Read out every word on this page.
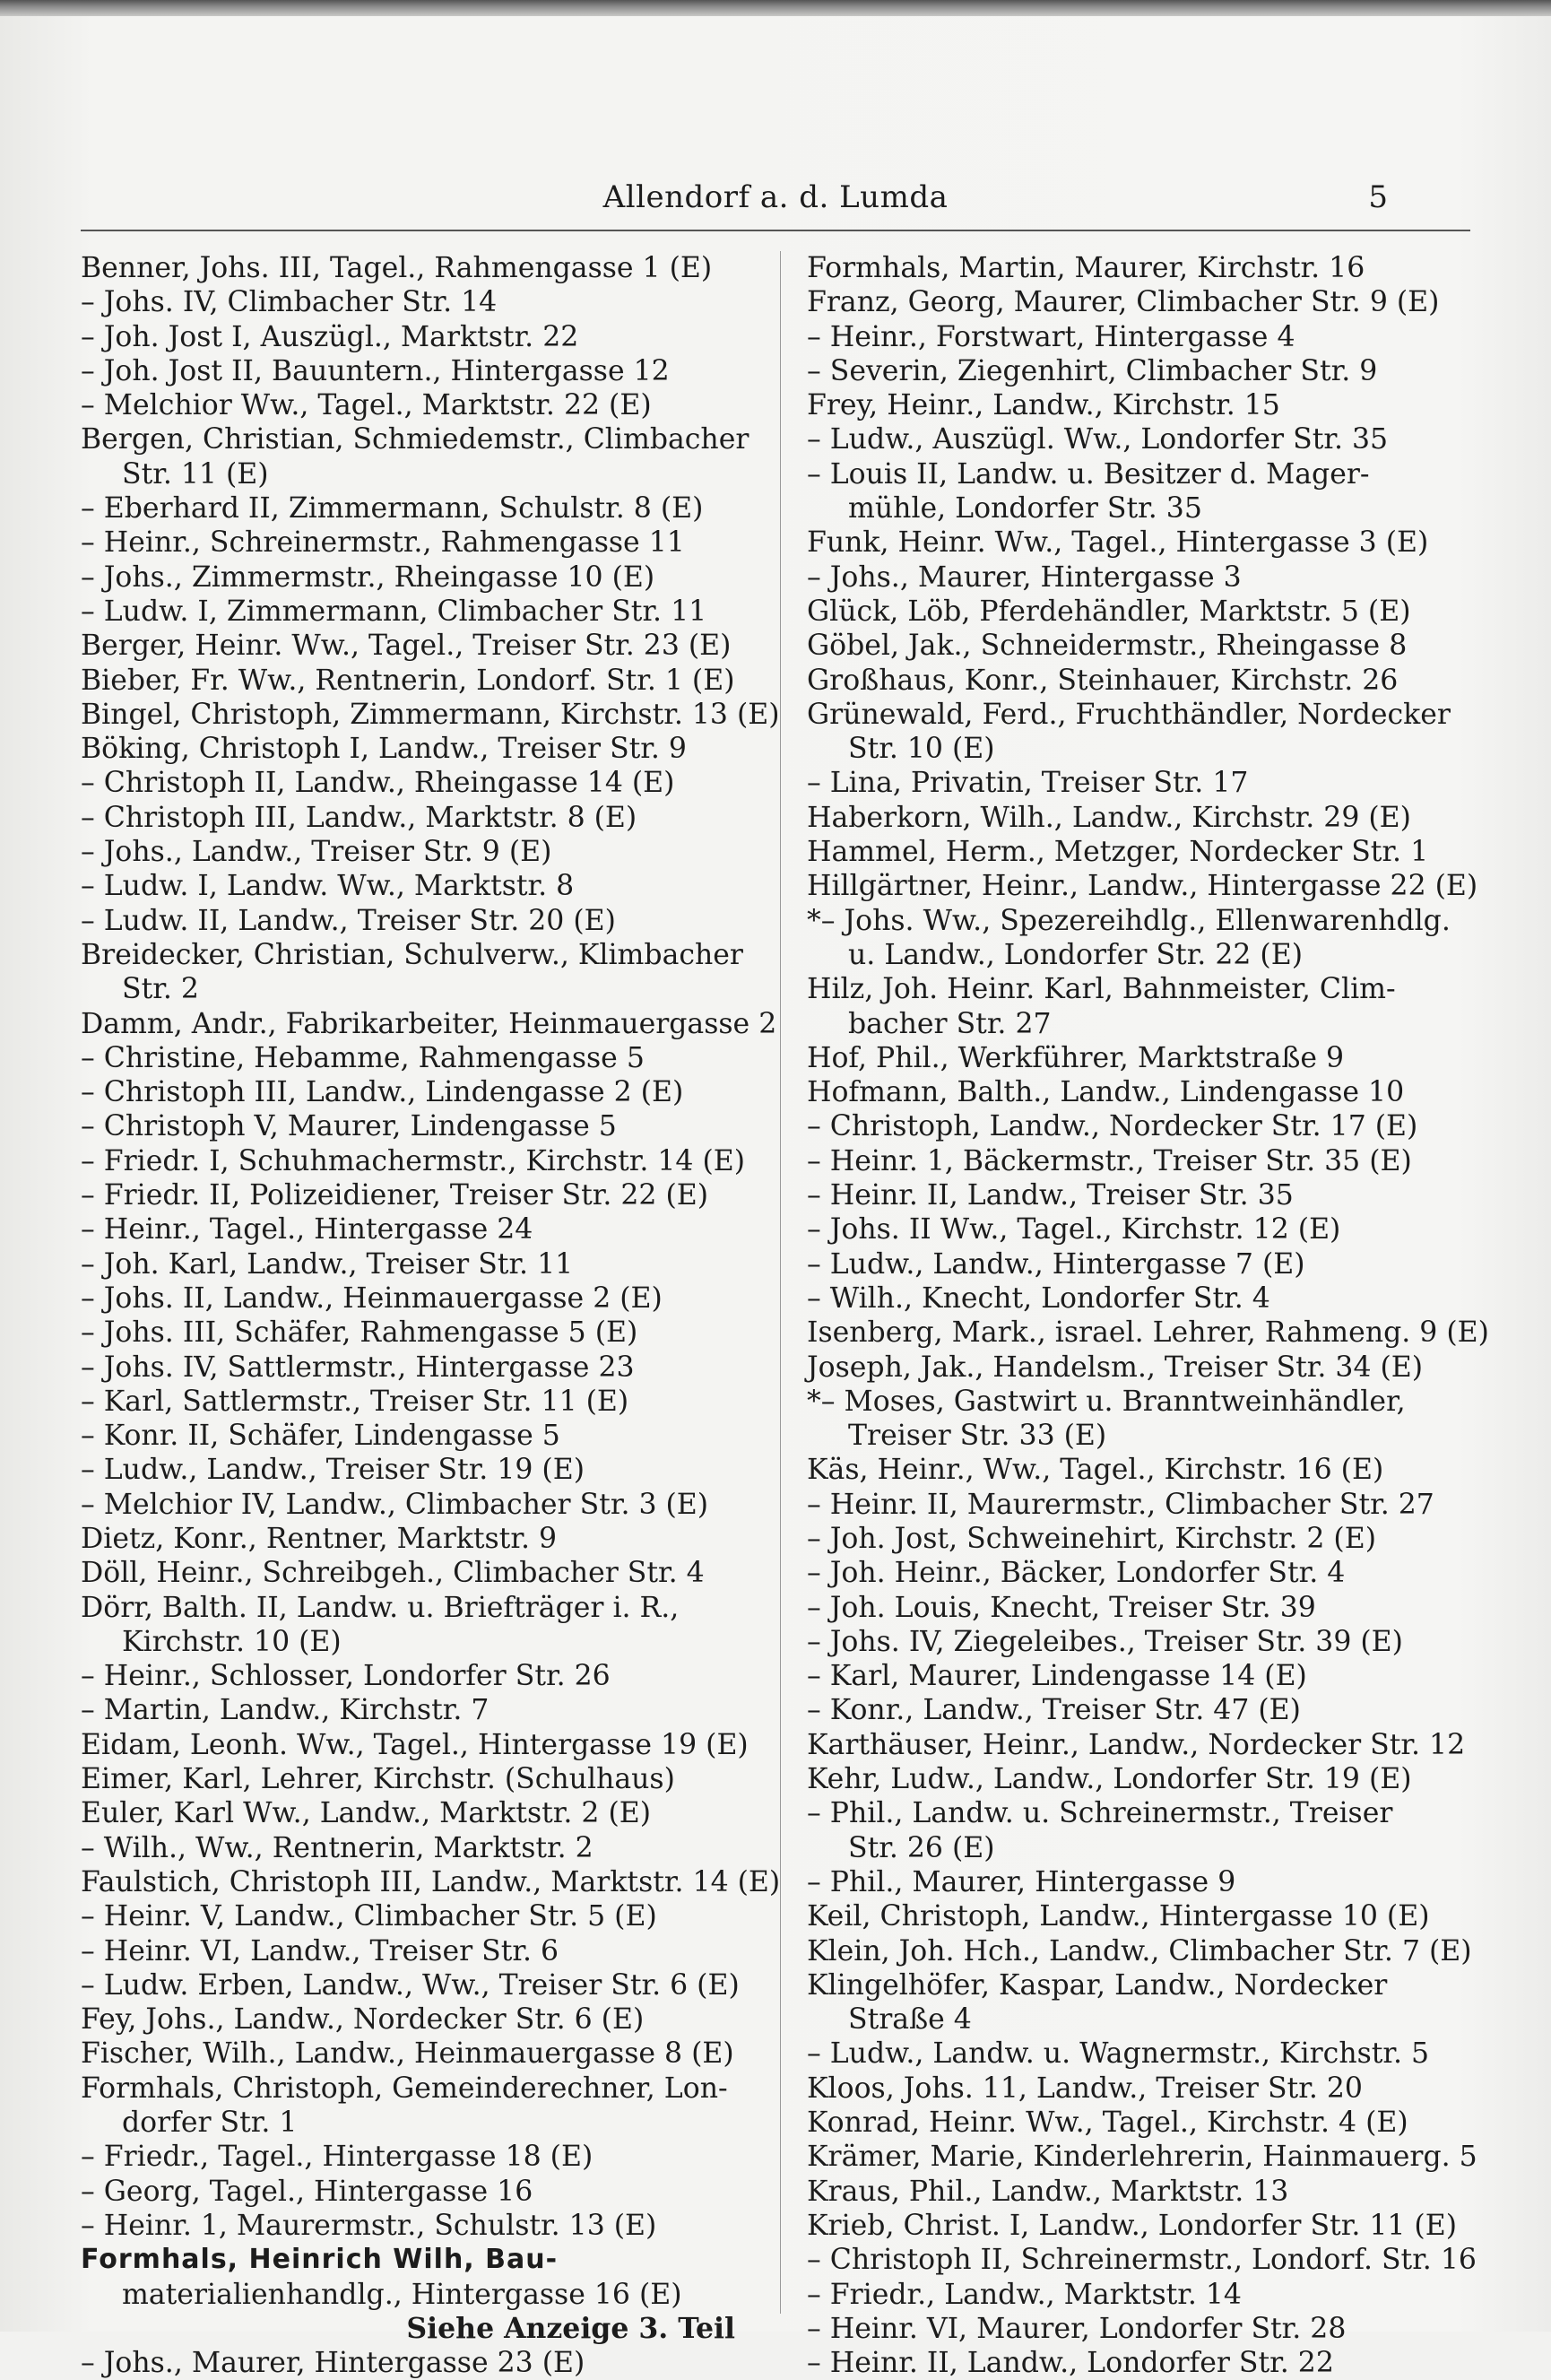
Allendorf a. d. Lumda	5
Benner, Johs. III, Tagel., Rahmengasse 1 (E)
– Johs. IV, Climbacher Str. 14
– Joh. Jost I, Auszügl., Marktstr. 22
– Joh. Jost II, Bauuntern., Hintergasse 12
– Melchior Ww., Tagel., Marktstr. 22 (E)
Bergen, Christian, Schmiedemstr., Climbacher
Str. 11 (E)
– Eberhard II, Zimmermann, Schulstr. 8 (E)
– Heinr., Schreinermstr., Rahmengasse 11
– Johs., Zimmermstr., Rheingasse 10 (E)
– Ludw. I, Zimmermann, Climbacher Str. 11
Berger, Heinr. Ww., Tagel., Treiser Str. 23 (E)
Bieber, Fr. Ww., Rentnerin, Londorf. Str. 1 (E)
Bingel, Christoph, Zimmermann, Kirchstr. 13 (E)
Böking, Christoph I, Landw., Treiser Str. 9
– Christoph II, Landw., Rheingasse 14 (E)
– Christoph III, Landw., Marktstr. 8 (E)
– Johs., Landw., Treiser Str. 9 (E)
– Ludw. I, Landw. Ww., Marktstr. 8
– Ludw. II, Landw., Treiser Str. 20 (E)
Breidecker, Christian, Schulverw., Klimbacher
Str. 2
Damm, Andr., Fabrikarbeiter, Heinmauergasse 2
– Christine, Hebamme, Rahmengasse 5
– Christoph III, Landw., Lindengasse 2 (E)
– Christoph V, Maurer, Lindengasse 5
– Friedr. I, Schuhmachermstr., Kirchstr. 14 (E)
– Friedr. II, Polizeidiener, Treiser Str. 22 (E)
– Heinr., Tagel., Hintergasse 24
– Joh. Karl, Landw., Treiser Str. 11
– Johs. II, Landw., Heinmauergasse 2 (E)
– Johs. III, Schäfer, Rahmengasse 5 (E)
– Johs. IV, Sattlermstr., Hintergasse 23
– Karl, Sattlermstr., Treiser Str. 11 (E)
– Konr. II, Schäfer, Lindengasse 5
– Ludw., Landw., Treiser Str. 19 (E)
– Melchior IV, Landw., Climbacher Str. 3 (E)
Dietz, Konr., Rentner, Marktstr. 9
Döll, Heinr., Schreibgeh., Climbacher Str. 4
Dörr, Balth. II, Landw. u. Briefträger i. R.,
Kirchstr. 10 (E)
– Heinr., Schlosser, Londorfer Str. 26
– Martin, Landw., Kirchstr. 7
Eidam, Leonh. Ww., Tagel., Hintergasse 19 (E)
Eimer, Karl, Lehrer, Kirchstr. (Schulhaus)
Euler, Karl Ww., Landw., Marktstr. 2 (E)
– Wilh., Ww., Rentnerin, Marktstr. 2
Faulstich, Christoph III, Landw., Marktstr. 14 (E)
– Heinr. V, Landw., Climbacher Str. 5 (E)
– Heinr. VI, Landw., Treiser Str. 6
– Ludw. Erben, Landw., Ww., Treiser Str. 6 (E)
Fey, Johs., Landw., Nordecker Str. 6 (E)
Fischer, Wilh., Landw., Heinmauergasse 8 (E)
Formhals, Christoph, Gemeinderechner, Lon-
dorfer Str. 1
– Friedr., Tagel., Hintergasse 18 (E)
– Georg, Tagel., Hintergasse 16
– Heinr. 1, Maurermstr., Schulstr. 13 (E)
Formhals, Heinrich Wilh, Bau-
materialienhandlg., Hintergasse 16 (E)
Siehe Anzeige 3. Teil
– Johs., Maurer, Hintergasse 23 (E)
Formhals, Martin, Maurer, Kirchstr. 16
Franz, Georg, Maurer, Climbacher Str. 9 (E)
– Heinr., Forstwart, Hintergasse 4
– Severin, Ziegenhirt, Climbacher Str. 9
Frey, Heinr., Landw., Kirchstr. 15
– Ludw., Auszügl. Ww., Londorfer Str. 35
– Louis II, Landw. u. Besitzer d. Mager-
mühle, Londorfer Str. 35
Funk, Heinr. Ww., Tagel., Hintergasse 3 (E)
– Johs., Maurer, Hintergasse 3
Glück, Löb, Pferdehändler, Marktstr. 5 (E)
Göbel, Jak., Schneidermstr., Rheingasse 8
Großhaus, Konr., Steinhauer, Kirchstr. 26
Grünewald, Ferd., Fruchthändler, Nordecker
Str. 10 (E)
– Lina, Privatin, Treiser Str. 17
Haberkorn, Wilh., Landw., Kirchstr. 29 (E)
Hammel, Herm., Metzger, Nordecker Str. 1
Hillgärtner, Heinr., Landw., Hintergasse 22 (E)
*– Johs. Ww., Spezereihdlg., Ellenwarenhdlg.
u. Landw., Londorfer Str. 22 (E)
Hilz, Joh. Heinr. Karl, Bahnmeister, Clim-
bacher Str. 27
Hof, Phil., Werkführer, Marktstraße 9
Hofmann, Balth., Landw., Lindengasse 10
– Christoph, Landw., Nordecker Str. 17 (E)
– Heinr. 1, Bäckermstr., Treiser Str. 35 (E)
– Heinr. II, Landw., Treiser Str. 35
– Johs. II Ww., Tagel., Kirchstr. 12 (E)
– Ludw., Landw., Hintergasse 7 (E)
– Wilh., Knecht, Londorfer Str. 4
Isenberg, Mark., israel. Lehrer, Rahmeng. 9 (E)
Joseph, Jak., Handelsm., Treiser Str. 34 (E)
*– Moses, Gastwirt u. Branntweinhändler,
Treiser Str. 33 (E)
Käs, Heinr., Ww., Tagel., Kirchstr. 16 (E)
– Heinr. II, Maurermstr., Climbacher Str. 27
– Joh. Jost, Schweinehirt, Kirchstr. 2 (E)
– Joh. Heinr., Bäcker, Londorfer Str. 4
– Joh. Louis, Knecht, Treiser Str. 39
– Johs. IV, Ziegeleibes., Treiser Str. 39 (E)
– Karl, Maurer, Lindengasse 14 (E)
– Konr., Landw., Treiser Str. 47 (E)
Karthäuser, Heinr., Landw., Nordecker Str. 12
Kehr, Ludw., Landw., Londorfer Str. 19 (E)
– Phil., Landw. u. Schreinermstr., Treiser
Str. 26 (E)
– Phil., Maurer, Hintergasse 9
Keil, Christoph, Landw., Hintergasse 10 (E)
Klein, Joh. Hch., Landw., Climbacher Str. 7 (E)
Klingelhöfer, Kaspar, Landw., Nordecker
Straße 4
– Ludw., Landw. u. Wagnermstr., Kirchstr. 5
Kloos, Johs. 11, Landw., Treiser Str. 20
Konrad, Heinr. Ww., Tagel., Kirchstr. 4 (E)
Krämer, Marie, Kinderlehrerin, Hainmauerg. 5
Kraus, Phil., Landw., Marktstr. 13
Krieb, Christ. I, Landw., Londorfer Str. 11 (E)
– Christoph II, Schreinermstr., Londorf. Str. 16
– Friedr., Landw., Marktstr. 14
– Heinr. VI, Maurer, Londorfer Str. 28
– Heinr. II, Landw., Londorfer Str. 22
